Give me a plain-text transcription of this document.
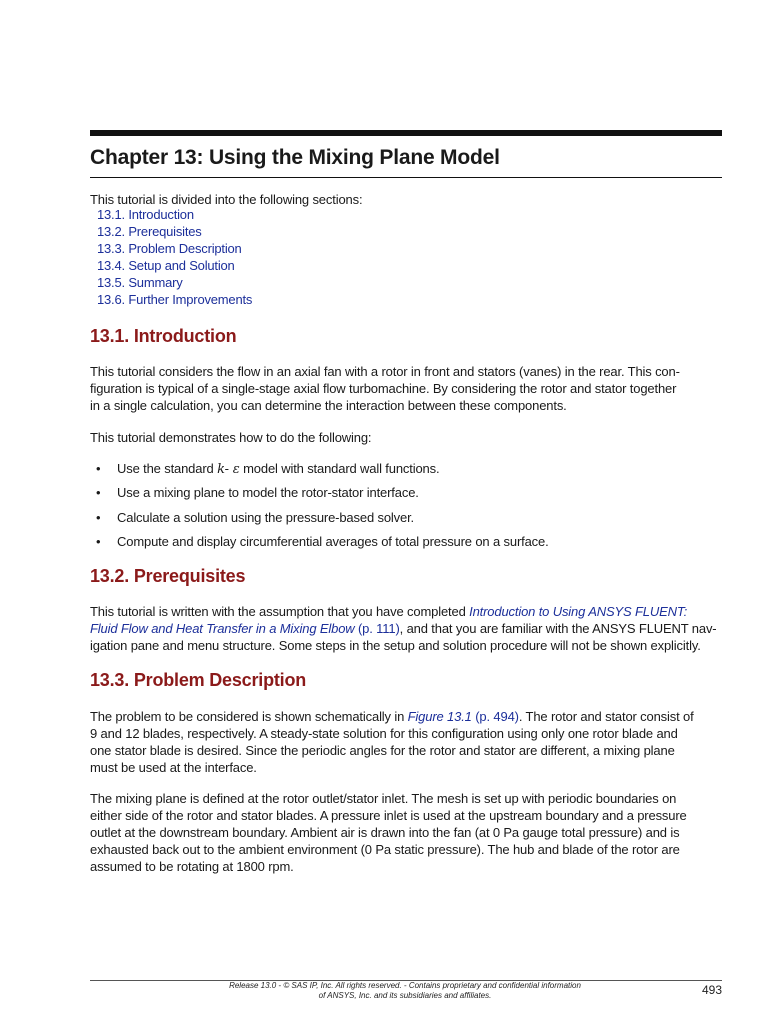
Chapter 13: Using the Mixing Plane Model
This tutorial is divided into the following sections:
13.1. Introduction
13.2. Prerequisites
13.3. Problem Description
13.4. Setup and Solution
13.5. Summary
13.6. Further Improvements
13.1. Introduction
This tutorial considers the flow in an axial fan with a rotor in front and stators (vanes) in the rear. This con-
figuration is typical of a single-stage axial flow turbomachine. By considering the rotor and stator together
in a single calculation, you can determine the interaction between these components.
This tutorial demonstrates how to do the following:
• Use the standard k- ε model with standard wall functions.
• Use a mixing plane to model the rotor-stator interface.
• Calculate a solution using the pressure-based solver.
• Compute and display circumferential averages of total pressure on a surface.
13.2. Prerequisites
This tutorial is written with the assumption that you have completed Introduction to Using ANSYS FLUENT:
Fluid Flow and Heat Transfer in a Mixing Elbow (p. 111), and that you are familiar with the ANSYS FLUENT nav-
igation pane and menu structure. Some steps in the setup and solution procedure will not be shown explicitly.
13.3. Problem Description
The problem to be considered is shown schematically in Figure 13.1 (p. 494). The rotor and stator consist of
9 and 12 blades, respectively. A steady-state solution for this configuration using only one rotor blade and
one stator blade is desired. Since the periodic angles for the rotor and stator are different, a mixing plane
must be used at the interface.
The mixing plane is defined at the rotor outlet/stator inlet. The mesh is set up with periodic boundaries on
either side of the rotor and stator blades. A pressure inlet is used at the upstream boundary and a pressure
outlet at the downstream boundary. Ambient air is drawn into the fan (at 0 Pa gauge total pressure) and is
exhausted back out to the ambient environment (0 Pa static pressure). The hub and blade of the rotor are
assumed to be rotating at 1800 rpm.
Release 13.0 - © SAS IP, Inc. All rights reserved. - Contains proprietary and confidential information
of ANSYS, Inc. and its subsidiaries and affiliates.	493
